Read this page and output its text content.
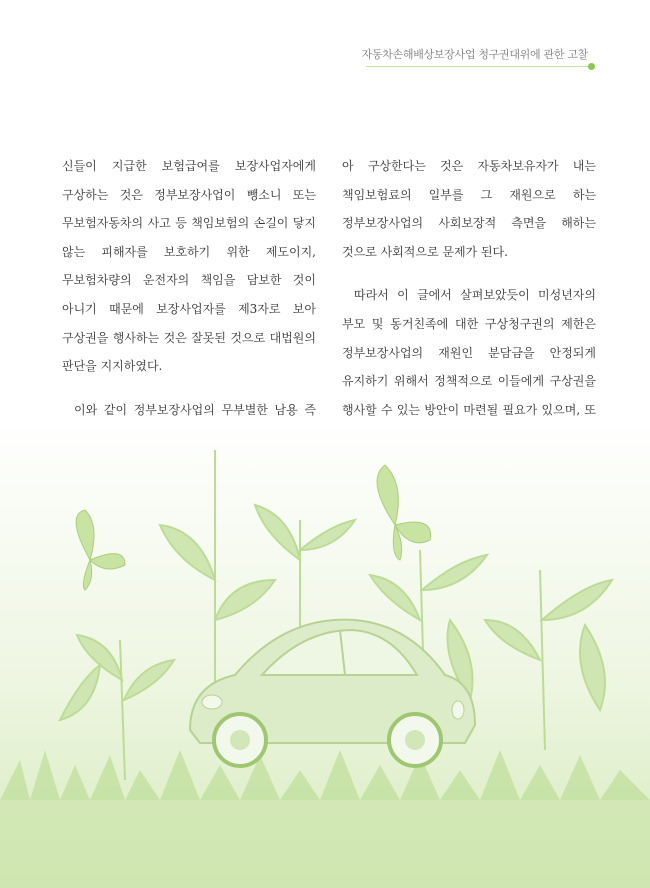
자동차손해배상보장사업 청구권대위에 관한 고찰

신들이 지급한 보험급여를 보장사업자에게 구상하는 것은 정부보장사업이 뺑소니 또는 무보험자동차의 사고 등 책임보험의 손길이 닿지 않는 피해자를 보호하기 위한 제도이지, 무보험차량의 운전자의 책임을 담보한 것이 아니기 때문에 보장사업자를 제3자로 보아 구상권을 행사하는 것은 잘못된 것으로 대법원의 판단을 지지하였다.

이와 같이 정부보장사업의 무부별한 남용 즉

아 구상한다는 것은 자동차보유자가 내는 책임보험료의 일부를 그 재원으로 하는 정부보장사업의 사회보장적 측면을 해하는 것으로 사회적으로 문제가 된다.

따라서 이 글에서 살펴보았듯이 미성년자의 부모 및 동거친족에 대한 구상청구권의 제한은 정부보장사업의 재원인 분담금을 안정되게 유지하기 위해서 정책적으로 이들에게 구상권을 행사할 수 있는 방안이 마련될 필요가 있으며, 또
